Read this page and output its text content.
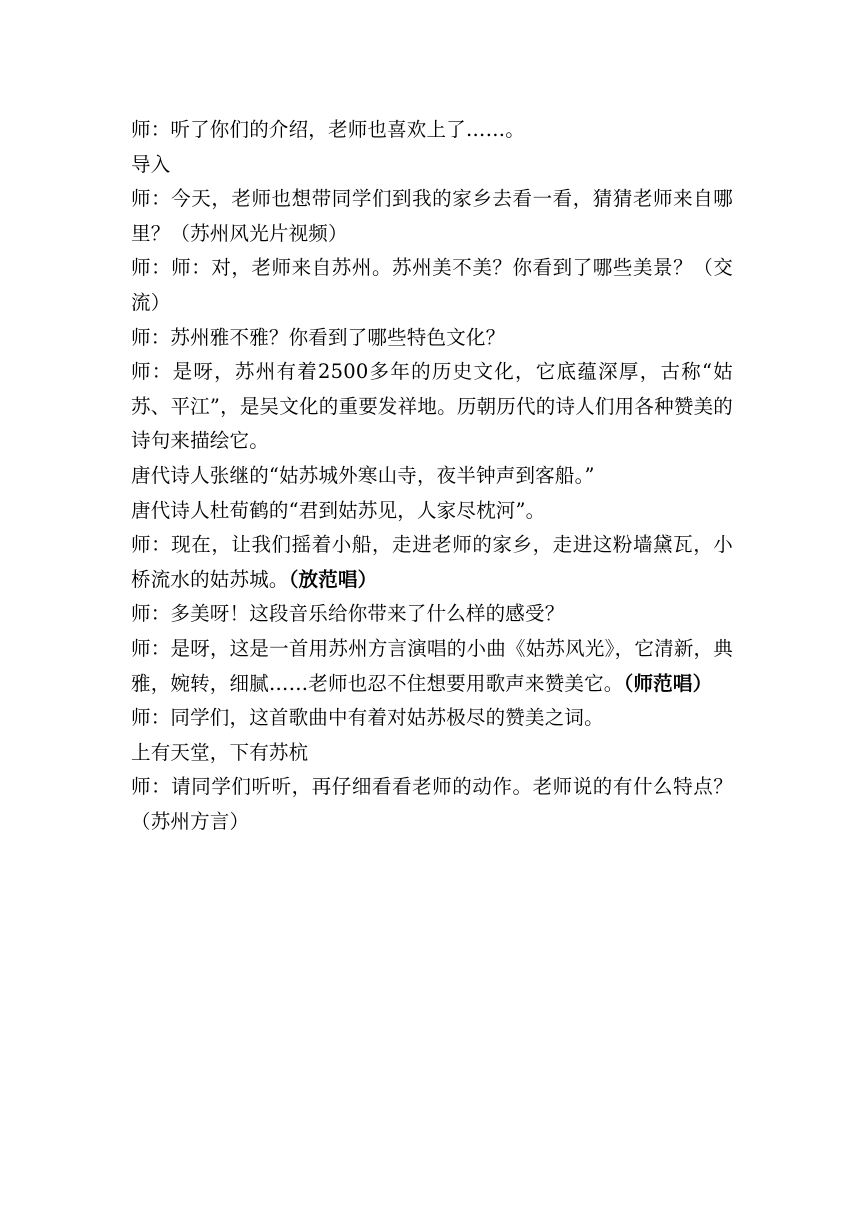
师：听了你们的介绍，老师也喜欢上了……。

导入

师：今天，老师也想带同学们到我的家乡去看一看，猜猜老师来自哪里？（苏州风光片视频）

师：师：对，老师来自苏州。苏州美不美？你看到了哪些美景？（交流）

师：苏州雅不雅？你看到了哪些特色文化？

师：是呀，苏州有着2500多年的历史文化，它底蕴深厚，古称“姑苏、平江”，是吴文化的重要发祥地。历朝历代的诗人们用各种赞美的诗句来描绘它。

唐代诗人张继的“姑苏城外寒山寺，夜半钟声到客船。”

唐代诗人杜荀鹤的“君到姑苏见，人家尽枕河”。

师：现在，让我们摇着小船，走进老师的家乡，走进这粉墙黛瓦，小桥流水的姑苏城。（放范唱）

师：多美呀！这段音乐给你带来了什么样的感受？

师：是呀，这是一首用苏州方言演唱的小曲《姑苏风光》，它清新，典雅，婉转，细腻……老师也忍不住想要用歌声来赞美它。（师范唱）

师：同学们，这首歌曲中有着对姑苏极尽的赞美之词。

上有天堂，下有苏杭

师：请同学们听听，再仔细看看老师的动作。老师说的有什么特点？（苏州方言）
